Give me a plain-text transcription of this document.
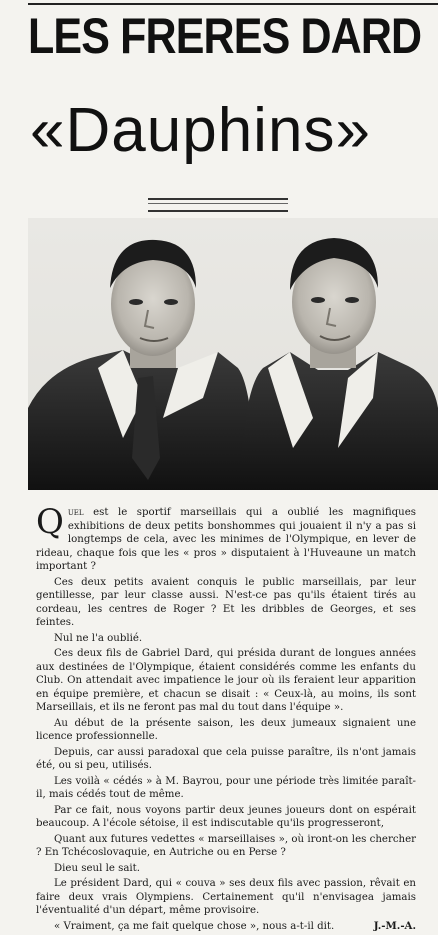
LES FRERES DARD
«Dauphins»

Quel est le sportif marseillais qui a oublié les magnifiques exhibitions de deux petits bonshommes qui jouaient il n'y a pas si longtemps de cela, avec les minimes de l'Olympique, en lever de rideau, chaque fois que les « pros » disputaient à l'Huveaune un match important ?

Ces deux petits avaient conquis le public marseillais, par leur gentillesse, par leur classe aussi. N'est-ce pas qu'ils étaient tirés au cordeau, les centres de Roger ? Et les dribbles de Georges, et ses feintes.

Nul ne l'a oublié.

Ces deux fils de Gabriel Dard, qui présida durant de longues années aux destinées de l'Olympique, étaient considérés comme les enfants du Club. On attendait avec impatience le jour où ils feraient leur apparition en équipe première, et chacun se disait : « Ceux-là, au moins, ils sont Marseillais, et ils ne feront pas mal du tout dans l'équipe ».

Au début de la présente saison, les deux jumeaux signaient une licence professionnelle.

Depuis, car aussi paradoxal que cela puisse paraître, ils n'ont jamais été, ou si peu, utilisés.

Les voilà « cédés » à M. Bayrou, pour une période très limitée paraît-il, mais cédés tout de même.

Par ce fait, nous voyons partir deux jeunes joueurs dont on espérait beaucoup. A l'école sétoise, il est indiscutable qu'ils progresseront,

Quant aux futures vedettes « marseillaises », où iront-on les chercher ? En Tchécoslovaquie, en Autriche ou en Perse ?

Dieu seul le sait.

Le président Dard, qui « couva » ses deux fils avec passion, rêvait en faire deux vrais Olympiens. Certainement qu'il n'envisagea jamais l'éventualité d'un départ, même provisoire.

« Vraiment, ça me fait quelque chose », nous a-t-il dit.	J.-M.-A.
